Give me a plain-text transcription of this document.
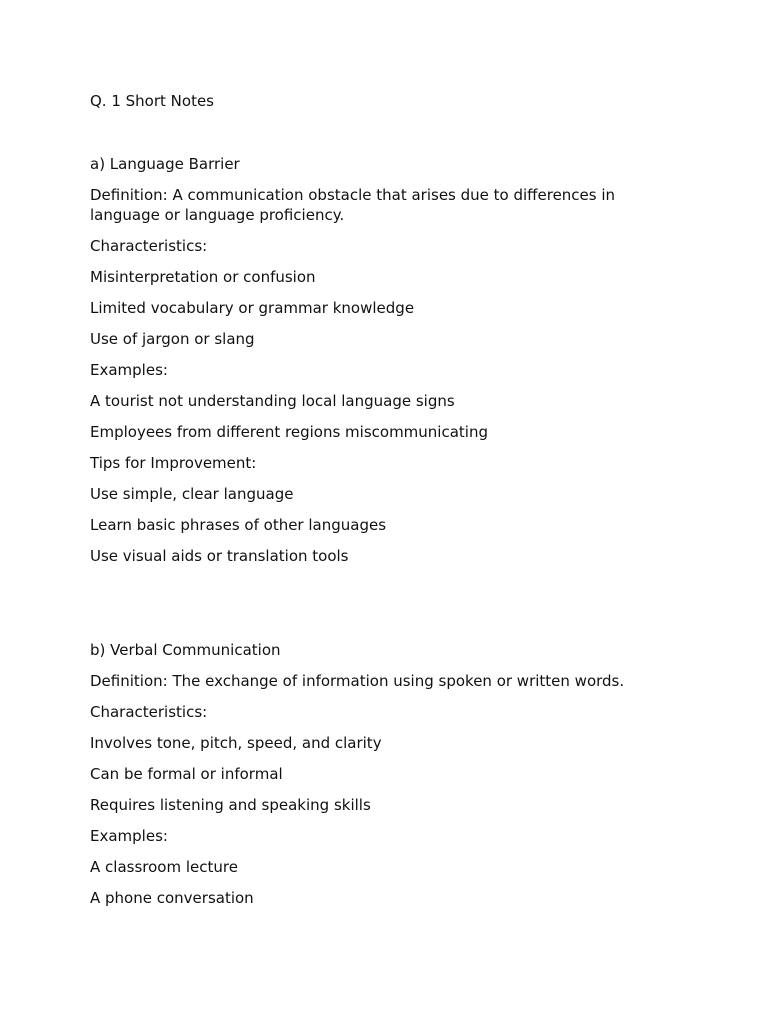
Q. 1 Short Notes

a) Language Barrier

Definition: A communication obstacle that arises due to differences in language or language proficiency.

Characteristics:

Misinterpretation or confusion

Limited vocabulary or grammar knowledge

Use of jargon or slang

Examples:

A tourist not understanding local language signs

Employees from different regions miscommunicating

Tips for Improvement:

Use simple, clear language

Learn basic phrases of other languages

Use visual aids or translation tools

b) Verbal Communication

Definition: The exchange of information using spoken or written words.

Characteristics:

Involves tone, pitch, speed, and clarity

Can be formal or informal

Requires listening and speaking skills

Examples:

A classroom lecture

A phone conversation
